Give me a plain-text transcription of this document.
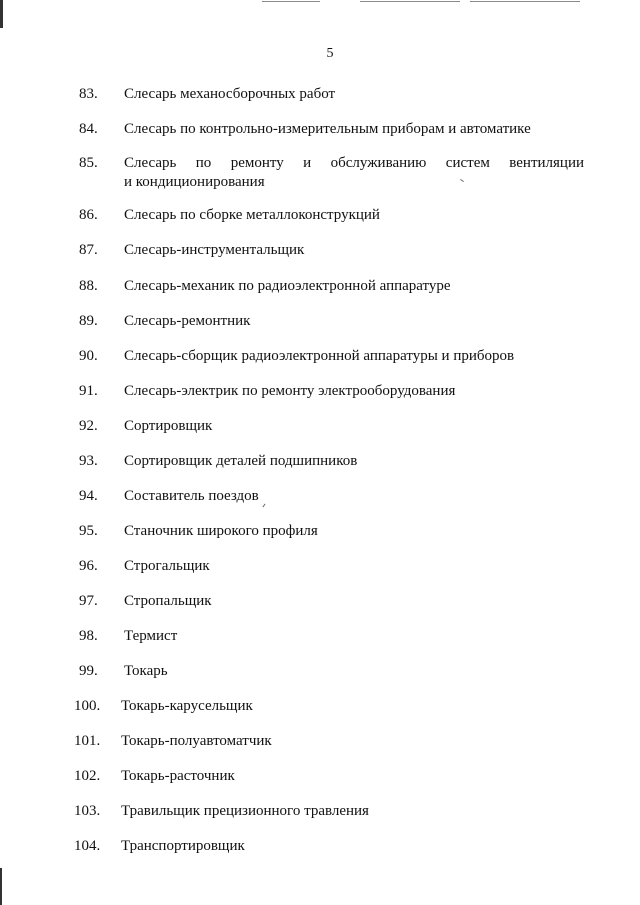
5
83. Слесарь механосборочных работ
84. Слесарь по контрольно-измерительным приборам и автоматике
85. Слесарь по ремонту и обслуживанию систем вентиляции
и кондиционирования
86. Слесарь по сборке металлоконструкций
87. Слесарь-инструментальщик
88. Слесарь-механик по радиоэлектронной аппаратуре
89. Слесарь-ремонтник
90. Слесарь-сборщик радиоэлектронной аппаратуры и приборов
91. Слесарь-электрик по ремонту электрооборудования
92. Сортировщик
93. Сортировщик деталей подшипников
94. Составитель поездов
95. Станочник широкого профиля
96. Строгальщик
97. Стропальщик
98. Термист
99. Токарь
100. Токарь-карусельщик
101. Токарь-полуавтоматчик
102. Токарь-расточник
103. Травильщик прецизионного травления
104. Транспортировщик
